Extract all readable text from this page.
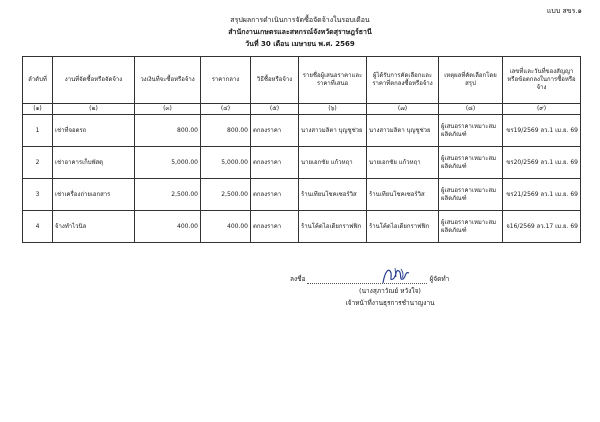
แบบ สขร.๑
สรุปผลการดำเนินการจัดซื้อจัดจ้างในรอบเดือน
สำนักงานเกษตรและสหกรณ์จังหวัดสุราษฎร์ธานี
วันที่ 30 เดือน เมษายน พ.ศ. 2569
ลำดับที่	งานที่จัดซื้อหรือจัดจ้าง	วงเงินที่จะซื้อหรือจ้าง	ราคากลาง	วิธีซื้อหรือจ้าง	รายชื่อผู้เสนอราคาและราคาที่เสนอ	ผู้ได้รับการคัดเลือกและราคาที่ตกลงซื้อหรือจ้าง	เหตุผลที่คัดเลือกโดยสรุป	เลขที่และวันที่ของสัญญาหรือข้อตกลงในการซื้อหรือจ้าง
(๑)	(๒)	(๓)	(๔)	(๕)	(๖)	(๗)	(๘)	(๙)
1	เช่าที่จอดรถ	800.00	800.00	ตกลงราคา	นางสาวมลิตา บุญชูช่วย	นางสาวมลิตา บุญชูช่วย	ผู้เสนอราคาเหมาะสม ผลิตภัณฑ์	ขร19/2569 ลว.1 เม.ย. 69
2	เช่าอาคารเก็บพัสดุ	5,000.00	5,000.00	ตกลงราคา	นายเอกชัย แก้วหฤา	นายเอกชัย แก้วหฤา	ผู้เสนอราคาเหมาะสม ผลิตภัณฑ์	ขร20/2569 ลว.1 เม.ย. 69
3	เช่าเครื่องถ่ายเอกสาร	2,500.00	2,500.00	ตกลงราคา	ร้านเทียนโชคเซอร์วิส	ร้านเทียนโชคเซอร์วิส	ผู้เสนอราคาเหมาะสม ผลิตภัณฑ์	ขร21/2569 ลว.1 เม.ย. 69
4	จ้างทำไวนิล	400.00	400.00	ตกลงราคา	ร้านโค้ดไอเดียกราฟฟิก	ร้านโค้ดไอเดียกราฟฟิก	ผู้เสนอราคาเหมาะสม ผลิตภัณฑ์	จ16/2569 ลว.17 เม.ย. 69
ลงชื่อ	ผู้จัดทำ
(นางสุภาวัณย์ หวังใจ)
เจ้าหน้าที่งานธุรการชำนาญงาน
